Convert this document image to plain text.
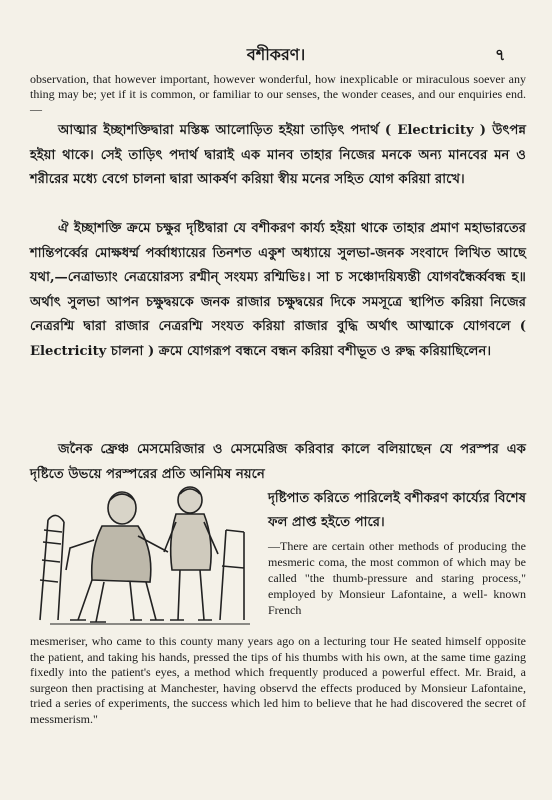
বশীকরণ।	৭
observation, that however important, however wonderful, how inexplicable or miraculous soever any thing may be; yet if it is common, or familiar to our senses, the wonder ceases, and our enquiries end. —
আত্মার ইচ্ছাশক্তিদ্বারা মস্তিষ্ক আলোড়িত হইয়া তাড়িৎ পদার্থ ( Electricity ) উৎপন্ন হইয়া থাকে। সেই তাড়িৎ পদার্থ দ্বারাই এক মানব তাহার নিজের মনকে অন্য মানবের মন ও শরীরের মধ্যে বেগে চালনা দ্বারা আকর্ষণ করিয়া স্বীয় মনের সহিত যোগ করিয়া রাখে।
ঐ ইচ্ছাশক্তি ক্রমে চক্ষুর দৃষ্টিদ্বারা যে বশীকরণ কার্য্য হইয়া থাকে তাহার প্রমাণ মহাভারতের শান্তিপর্ব্বের মোক্ষধর্ম্ম পর্ব্বাধ্যায়ের তিনশত একুশ অধ্যায়ে সুলভা-জনক সংবাদে লিখিত আছে যথা,—নেত্রাভ্যাং নেত্রয়োরস্য রশ্মীন্ সংযম্য রশ্মিভিঃ। সা চ সঞ্চোদয়িষ্যন্তী যোগবন্ধৈর্ব্ববন্ধ হ॥ অর্থাৎ সুলভা আপন চক্ষুদ্বয়কে জনক রাজার চক্ষুদ্বয়ের দিকে সমসূত্রে স্থাপিত করিয়া নিজের নেত্ররশ্মি দ্বারা রাজার নেত্ররশ্মি সংযত করিয়া রাজার বুদ্ধি অর্থাৎ আত্মাকে যোগবলে ( Electricity চালনা ) ক্রমে যোগরূপ বন্ধনে বন্ধন করিয়া বশীভূত ও রুদ্ধ করিয়াছিলেন।
জনৈক ফ্রেঞ্চ মেসমেরিজার ও মেসমেরিজ করিবার কালে বলিয়াছেন যে পরস্পর এক দৃষ্টিতে উভয়ে পরস্পরের প্রতি অনিমিষ নয়নে
দৃষ্টিপাত করিতে পারিলেই বশীকরণ কার্য্যের বিশেষ ফল প্রাপ্ত হইতে পারে।
—There are certain other methods of producing the mesmeric coma, the most common of which may be called "the thumb-pressure and staring process," employed by Monsieur Lafontaine, a well- known French
mesmeriser, who came to this county many years ago on a lecturing tour He seated himself opposite the patient, and taking his hands, pressed the tips of his thumbs with his own, at the same time gazing fixedly into the patient's eyes, a method which frequently produced a powerful effect. Mr. Braid, a surgeon then practising at Manchester, having observd the effects produced by Monsieur Lafontaine, tried a series of experiments, the success which led him to believe that he had discovered the secret of messmerism."
